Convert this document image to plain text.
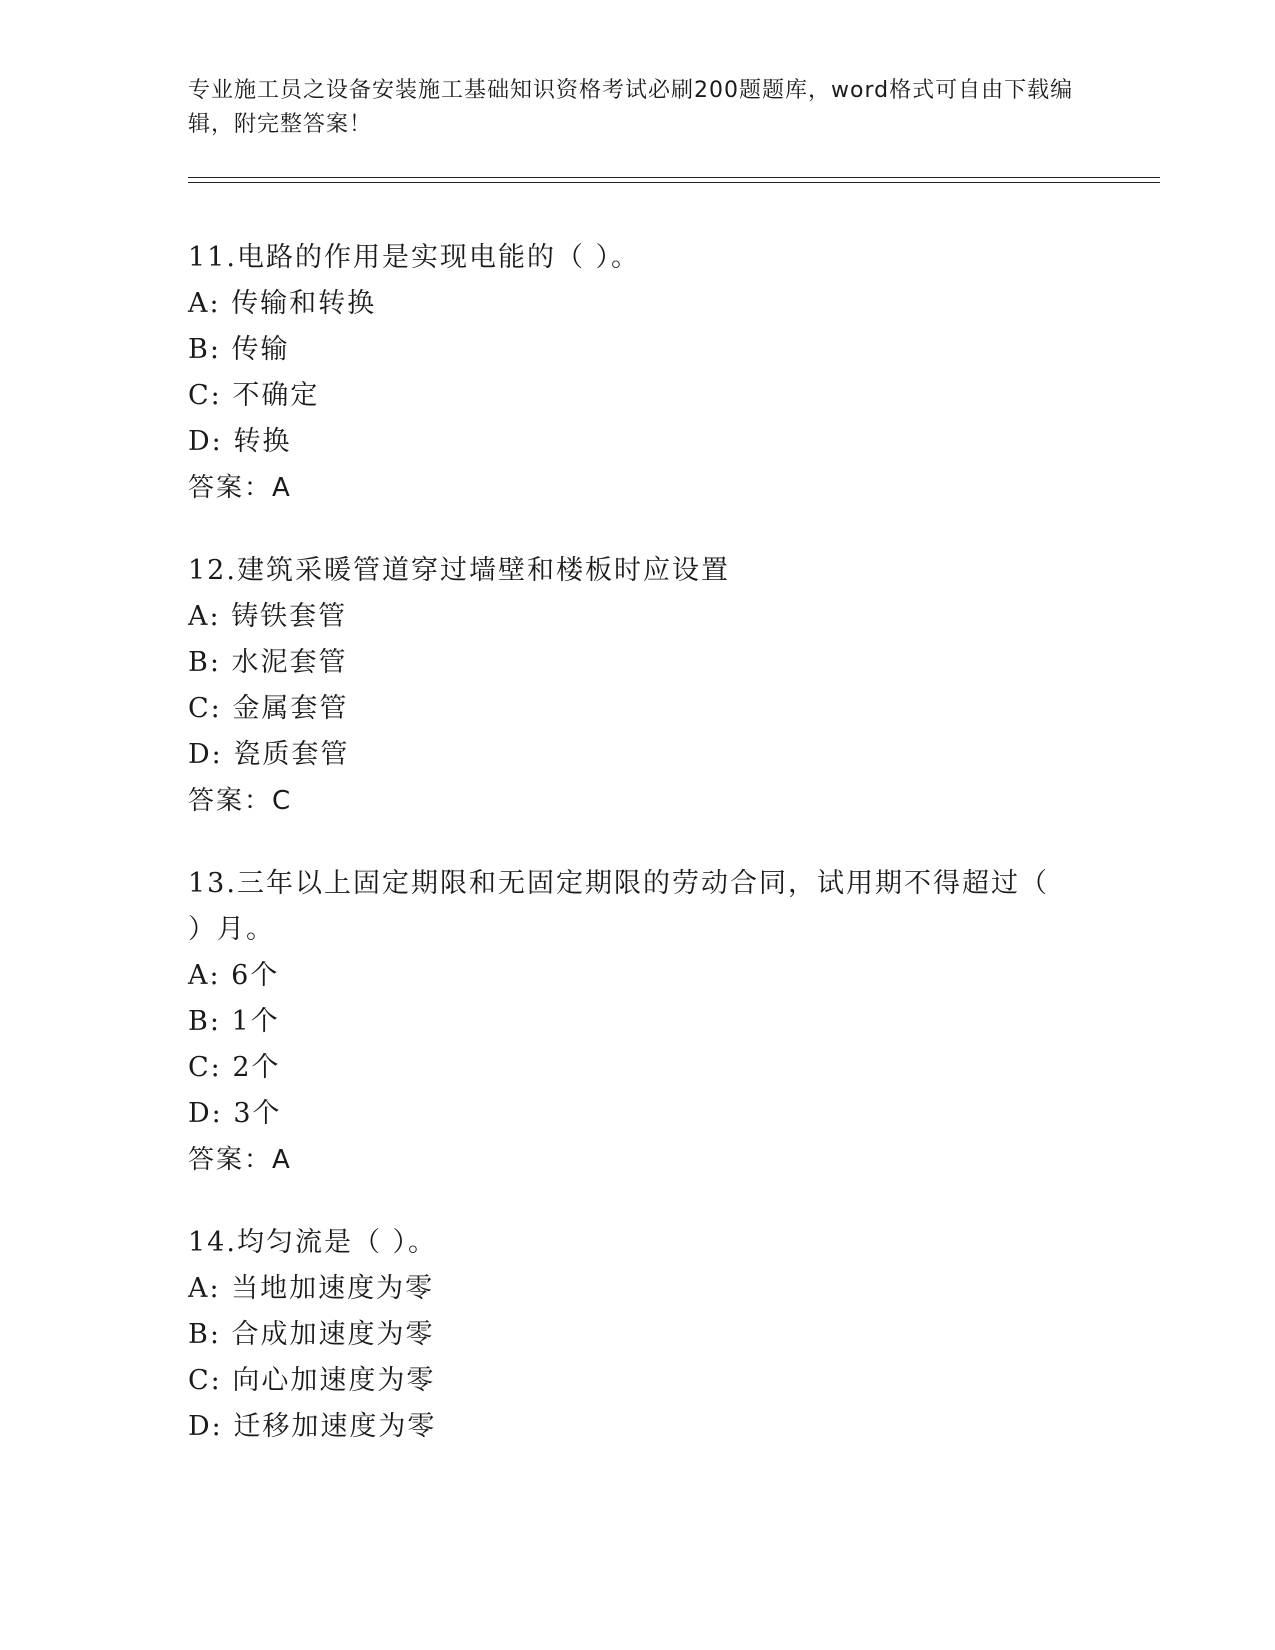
专业施工员之设备安装施工基础知识资格考试必刷200题题库，word格式可自由下载编辑，附完整答案！

11.电路的作用是实现电能的（ ）。

A: 传输和转换

B: 传输

C: 不确定

D: 转换

答案：A

12.建筑采暖管道穿过墙壁和楼板时应设置

A: 铸铁套管

B: 水泥套管

C: 金属套管

D: 瓷质套管

答案：C

13.三年以上固定期限和无固定期限的劳动合同，试用期不得超过（

）月。

A: 6个

B: 1个

C: 2个

D: 3个

答案：A

14.均匀流是（ ）。

A: 当地加速度为零

B: 合成加速度为零

C: 向心加速度为零

D: 迁移加速度为零
